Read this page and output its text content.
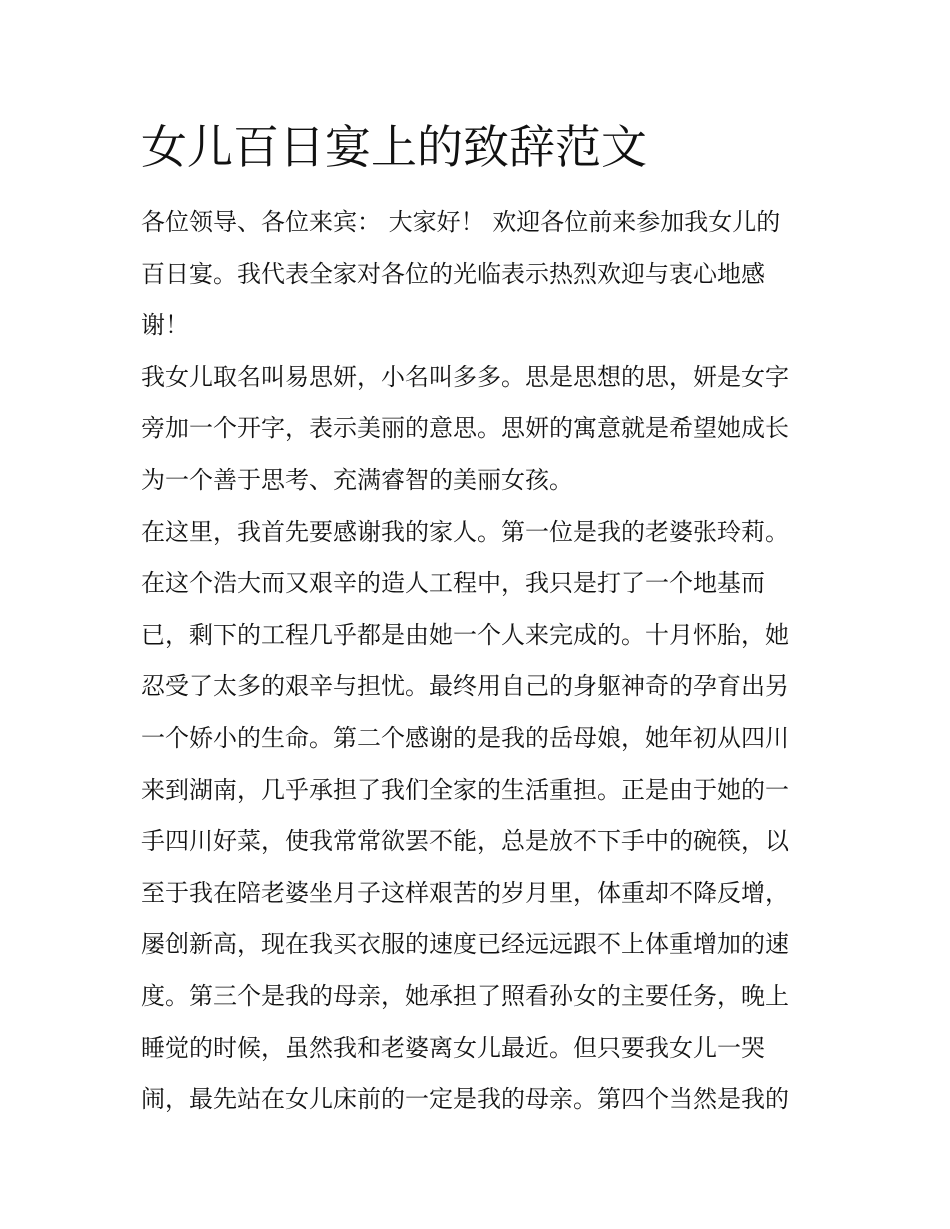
女儿百日宴上的致辞范文
各位领导、各位来宾： 大家好！ 欢迎各位前来参加我女儿的
百日宴。我代表全家对各位的光临表示热烈欢迎与衷心地感
谢！
我女儿取名叫易思妍，小名叫多多。思是思想的思，妍是女字
旁加一个开字，表示美丽的意思。思妍的寓意就是希望她成长
为一个善于思考、充满睿智的美丽女孩。
在这里，我首先要感谢我的家人。第一位是我的老婆张玲莉。
在这个浩大而又艰辛的造人工程中，我只是打了一个地基而
已，剩下的工程几乎都是由她一个人来完成的。十月怀胎，她
忍受了太多的艰辛与担忧。最终用自己的身躯神奇的孕育出另
一个娇小的生命。第二个感谢的是我的岳母娘，她年初从四川
来到湖南，几乎承担了我们全家的生活重担。正是由于她的一
手四川好菜，使我常常欲罢不能，总是放不下手中的碗筷，以
至于我在陪老婆坐月子这样艰苦的岁月里，体重却不降反增，
屡创新高，现在我买衣服的速度已经远远跟不上体重增加的速
度。第三个是我的母亲，她承担了照看孙女的主要任务，晚上
睡觉的时候，虽然我和老婆离女儿最近。但只要我女儿一哭
闹，最先站在女儿床前的一定是我的母亲。第四个当然是我的
